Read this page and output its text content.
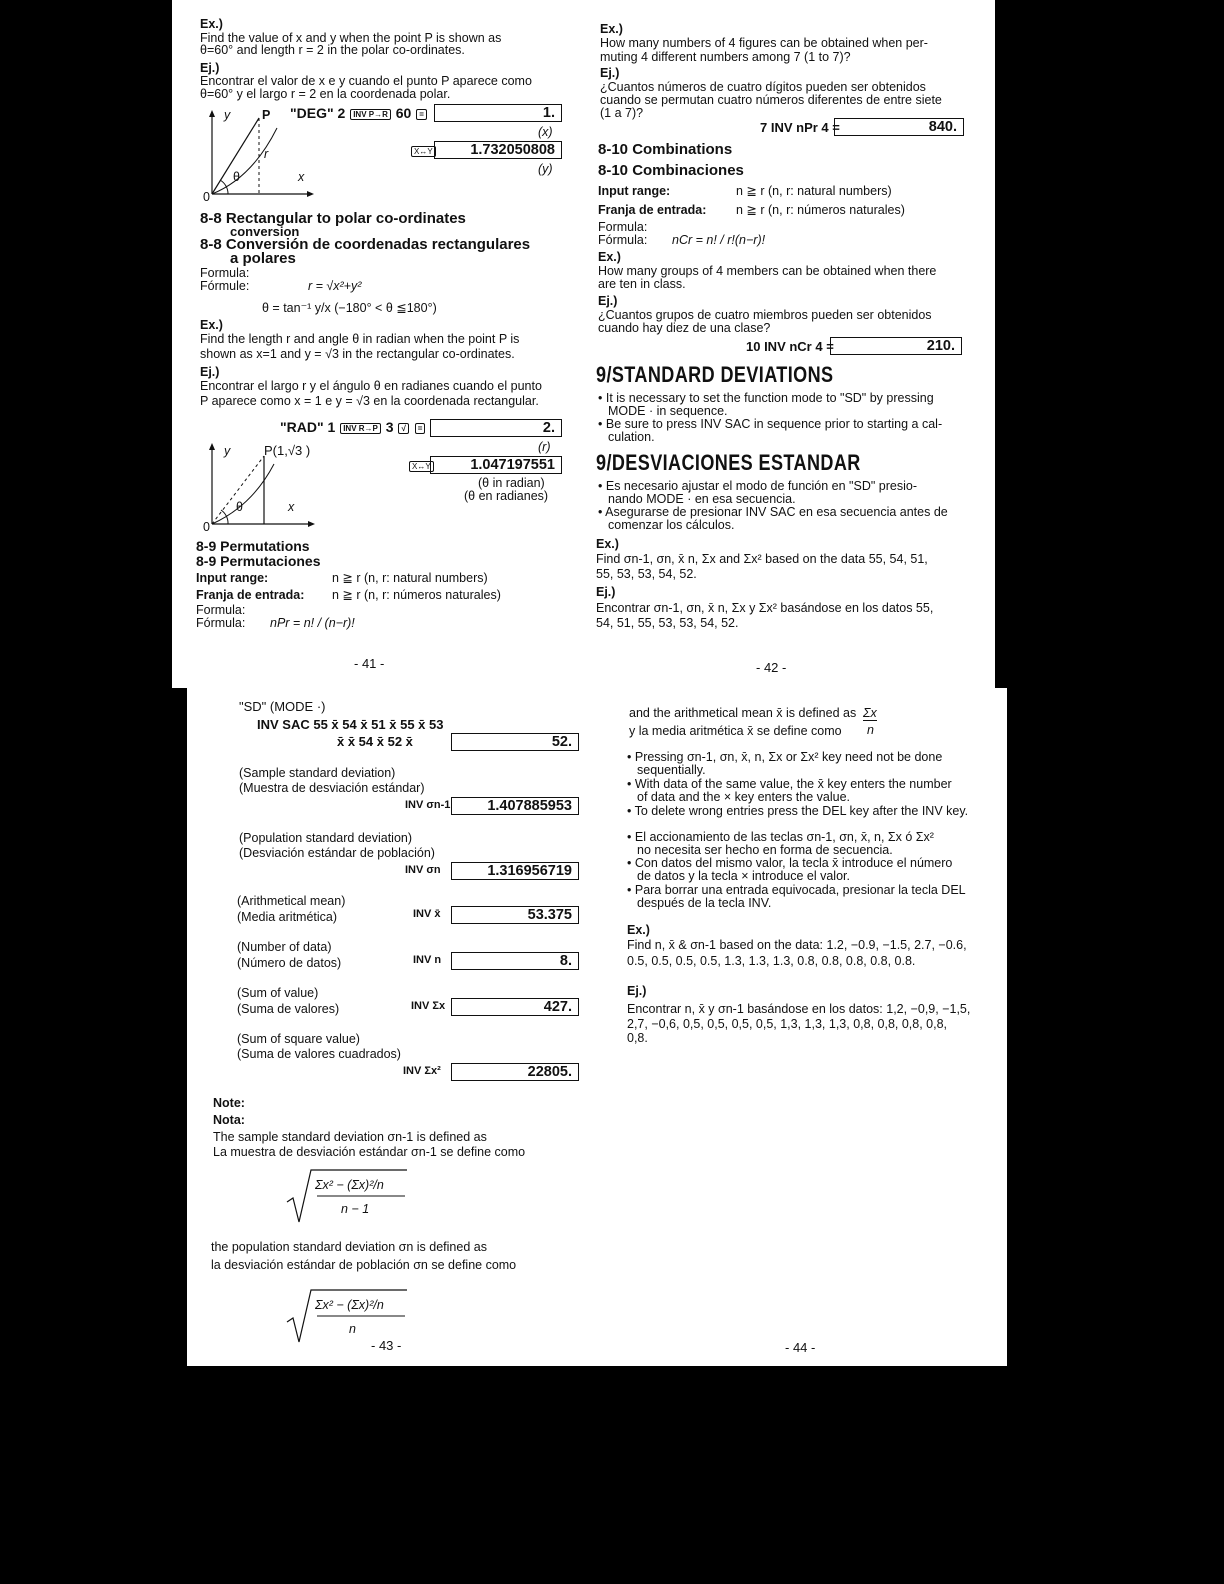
Ex.)
Find the value of x and y when the point P is shown as
θ=60° and length r = 2 in the polar co-ordinates.
Ej.)
Encontrar el valor de x e y cuando el punto P aparece como
θ=60° y el largo r = 2 en la coordenada polar.
"DEG" 2 INV P→R 60 =	1.
(x)
X↔Y	1.732050808
(y)
y	P
r
θ	x
0
8-8 Rectangular to polar co-ordinates
conversion
8-8 Conversión de coordenadas rectangulares
a polares
Formula:
Fórmule:	r = √x²+y²
θ = tan⁻¹ y/x (−180° < θ ≦180°)
Ex.)
Find the length r and angle θ in radian when the point P is
shown as x=1 and y = √3 in the rectangular co-ordinates.
Ej.)
Encontrar el largo r y el ángulo θ en radianes cuando el punto
P aparece como x = 1 e y = √3 en la coordenada rectangular.
"RAD" 1 INV R→P 3 √ =	2.
(r)
X↔Y	1.047197551
(θ in radian)
(θ en radianes)
y	P(1,√3 )
θ	x
0
8-9 Permutations
8-9 Permutaciones
Input range:	n ≧ r (n, r: natural numbers)
Franja de entrada: n ≧ r (n, r: números naturales)
Formula:
Fórmula: nPr = n! / (n−r)!
- 41 -
Ex.)
How many numbers of 4 figures can be obtained when per-
muting 4 different numbers among 7 (1 to 7)?
Ej.)
¿Cuantos números de cuatro dígitos pueden ser obtenidos
cuando se permutan cuatro números diferentes de entre siete
(1 a 7)?
7 INV nPr 4 =	840.
8-10 Combinations
8-10 Combinaciones
Input range:	n ≧ r (n, r: natural numbers)
Franja de entrada: n ≧ r (n, r: números naturales)
Formula:
Fórmula: nCr = n! / r!(n−r)!
Ex.)
How many groups of 4 members can be obtained when there
are ten in class.
Ej.)
¿Cuantos grupos de cuatro miembros pueden ser obtenidos
cuando hay diez de una clase?
10 INV nCr 4 =	210.
9/STANDARD DEVIATIONS
• It is necessary to set the function mode to "SD" by pressing
MODE · in sequence.
• Be sure to press INV SAC in sequence prior to starting a cal-
culation.
9/DESVIACIONES ESTANDAR
• Es necesario ajustar el modo de función en "SD" presio-
nando MODE · en esa secuencia.
• Asegurarse de presionar INV SAC en esa secuencia antes de
comenzar los cálculos.
Ex.)
Find σn-1, σn, x̄ n, Σx and Σx² based on the data 55, 54, 51,
55, 53, 53, 54, 52.
Ej.)
Encontrar σn-1, σn, x̄ n, Σx y Σx² basándose en los datos 55,
54, 51, 55, 53, 53, 54, 52.
- 42 -
"SD" (MODE ·)
INV SAC 55 x̄ 54 x̄ 51 x̄ 55 x̄ 53
x̄ x̄ 54 x̄ 52 x̄	52.
(Sample standard deviation)
(Muestra de desviación estándar)
INV σn-1	1.407885953
(Population standard deviation)
(Desviación estándar de población)
INV σn	1.316956719
(Arithmetical mean)
(Media aritmética)	INV x̄	53.375
(Number of data)
(Número de datos)	INV n	8.
(Sum of value)
(Suma de valores)	INV Σx	427.
(Sum of square value)
(Suma de valores cuadrados)
INV Σx²	22805.
Note:
Nota:
The sample standard deviation σn-1 is defined as
La muestra de desviación estándar σn-1 se define como
Σx² − (Σx)²/n
n − 1
the population standard deviation σn is defined as
la desviación estándar de población σn se define como
Σx² − (Σx)²/n
n
- 43 -
and the arithmetical mean x̄ is defined as
y la media aritmética x̄ se define como
Σx
n
• Pressing σn-1, σn, x̄, n, Σx or Σx² key need not be done
sequentially.
• With data of the same value, the x̄ key enters the number
of data and the × key enters the value.
• To delete wrong entries press the DEL key after the INV key.
• El accionamiento de las teclas σn-1, σn, x̄, n, Σx ó Σx²
no necesita ser hecho en forma de secuencia.
• Con datos del mismo valor, la tecla x̄ introduce el número
de datos y la tecla × introduce el valor.
• Para borrar una entrada equivocada, presionar la tecla DEL
después de la tecla INV.
Ex.)
Find n, x̄ & σn-1 based on the data: 1.2, −0.9, −1.5, 2.7, −0.6,
0.5, 0.5, 0.5, 0.5, 1.3, 1.3, 1.3, 0.8, 0.8, 0.8, 0.8, 0.8.
Ej.)
Encontrar n, x̄ y σn-1 basándose en los datos: 1,2, −0,9, −1,5,
2,7, −0,6, 0,5, 0,5, 0,5, 0,5, 1,3, 1,3, 1,3, 0,8, 0,8, 0,8, 0,8,
0,8.
- 44 -
